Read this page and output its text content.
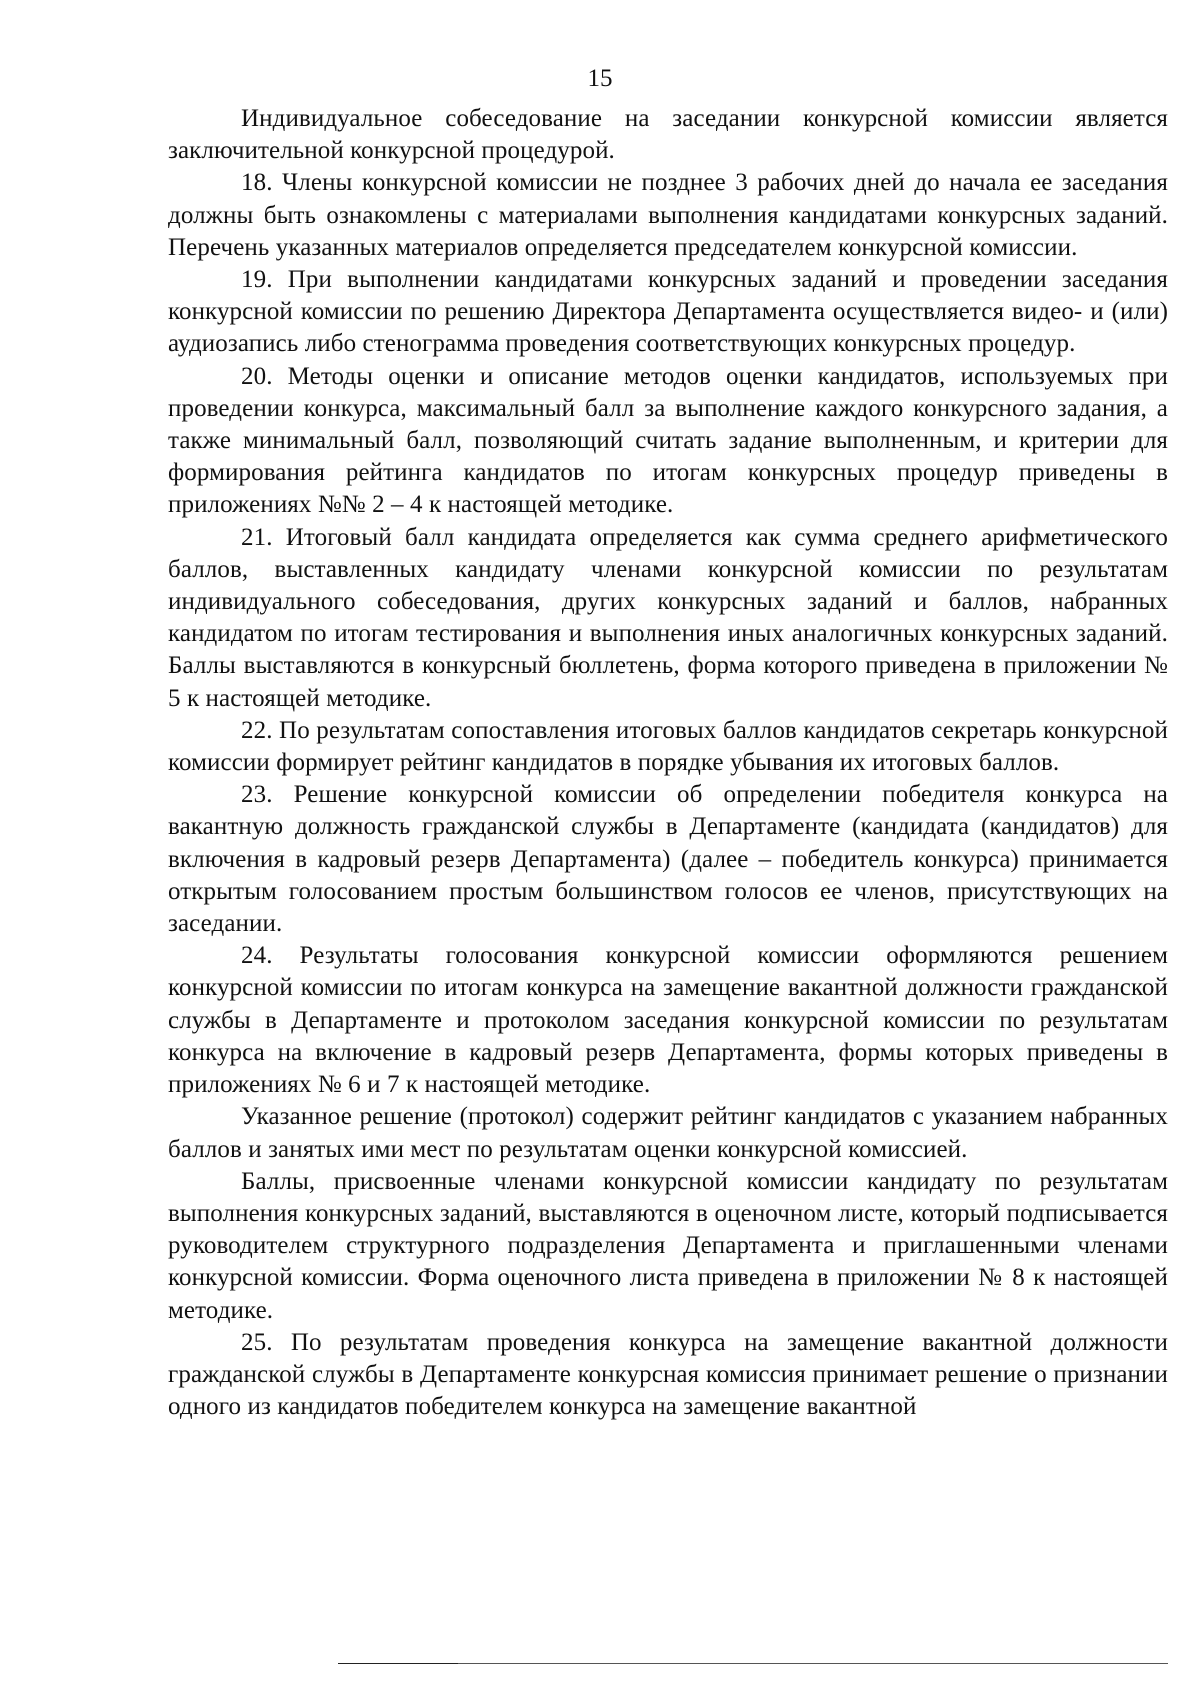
15

Индивидуальное собеседование на заседании конкурсной комиссии является заключительной конкурсной процедурой.

18. Члены конкурсной комиссии не позднее 3 рабочих дней до начала ее заседания должны быть ознакомлены с материалами выполнения кандидатами конкурсных заданий. Перечень указанных материалов определяется председателем конкурсной комиссии.

19. При выполнении кандидатами конкурсных заданий и проведении заседания конкурсной комиссии по решению Директора Департамента осуществляется видео- и (или) аудиозапись либо стенограмма проведения соответствующих конкурсных процедур.

20. Методы оценки и описание методов оценки кандидатов, используемых при проведении конкурса, максимальный балл за выполнение каждого конкурсного задания, а также минимальный балл, позволяющий считать задание выполненным, и критерии для формирования рейтинга кандидатов по итогам конкурсных процедур приведены в приложениях №№ 2 – 4 к настоящей методике.

21. Итоговый балл кандидата определяется как сумма среднего арифметического баллов, выставленных кандидату членами конкурсной комиссии по результатам индивидуального собеседования, других конкурсных заданий и баллов, набранных кандидатом по итогам тестирования и выполнения иных аналогичных конкурсных заданий. Баллы выставляются в конкурсный бюллетень, форма которого приведена в приложении № 5 к настоящей методике.

22. По результатам сопоставления итоговых баллов кандидатов секретарь конкурсной комиссии формирует рейтинг кандидатов в порядке убывания их итоговых баллов.

23. Решение конкурсной комиссии об определении победителя конкурса на вакантную должность гражданской службы в Департаменте (кандидата (кандидатов) для включения в кадровый резерв Департамента) (далее – победитель конкурса) принимается открытым голосованием простым большинством голосов ее членов, присутствующих на заседании.

24. Результаты голосования конкурсной комиссии оформляются решением конкурсной комиссии по итогам конкурса на замещение вакантной должности гражданской службы в Департаменте и протоколом заседания конкурсной комиссии по результатам конкурса на включение в кадровый резерв Департамента, формы которых приведены в приложениях № 6 и 7 к настоящей методике.

Указанное решение (протокол) содержит рейтинг кандидатов с указанием набранных баллов и занятых ими мест по результатам оценки конкурсной комиссией.

Баллы, присвоенные членами конкурсной комиссии кандидату по результатам выполнения конкурсных заданий, выставляются в оценочном листе, который подписывается руководителем структурного подразделения Департамента и приглашенными членами конкурсной комиссии. Форма оценочного листа приведена в приложении № 8 к настоящей методике.

25. По результатам проведения конкурса на замещение вакантной должности гражданской службы в Департаменте конкурсная комиссия принимает решение о признании одного из кандидатов победителем конкурса на замещение вакантной
